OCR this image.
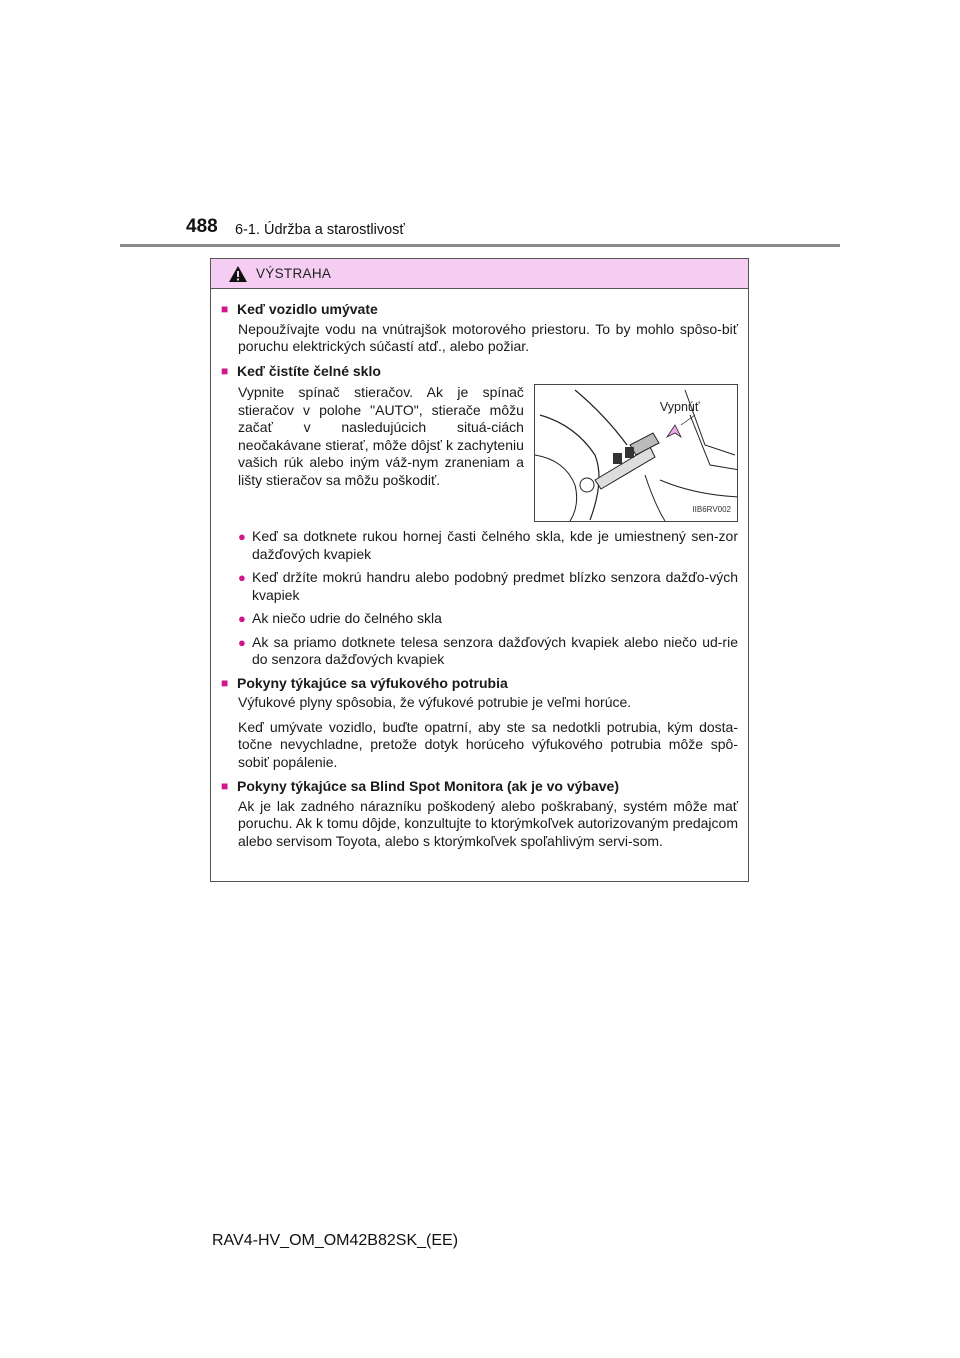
488 6-1. Údržba a starostlivosť
VÝSTRAHA
■ Keď vozidlo umývate
Nepoužívajte vodu na vnútrajšok motorového priestoru. To by mohlo spôso-biť poruchu elektrických súčastí atď., alebo požiar.
■ Keď čistíte čelné sklo
Vypnite spínač stieračov. Ak je spínač stieračov v polohe "AUTO", stierače môžu začať v nasledujúcich situá-ciách neočakávane stierať, môže dôjsť k zachyteniu vašich rúk alebo iným váž-nym zraneniam a lišty stieračov sa môžu poškodiť.
Vypnúť
IIB6RV002
● Keď sa dotknete rukou hornej časti čelného skla, kde je umiestnený sen-zor dažďových kvapiek
● Keď držíte mokrú handru alebo podobný predmet blízko senzora dažďo-vých kvapiek
● Ak niečo udrie do čelného skla
● Ak sa priamo dotknete telesa senzora dažďových kvapiek alebo niečo ud-rie do senzora dažďových kvapiek
■ Pokyny týkajúce sa výfukového potrubia
Výfukové plyny spôsobia, že výfukové potrubie je veľmi horúce.
Keď umývate vozidlo, buďte opatrní, aby ste sa nedotkli potrubia, kým dosta-točne nevychladne, pretože dotyk horúceho výfukového potrubia môže spô-sobiť popálenie.
■ Pokyny týkajúce sa Blind Spot Monitora (ak je vo výbave)
Ak je lak zadného nárazníku poškodený alebo poškrabaný, systém môže mať poruchu. Ak k tomu dôjde, konzultujte to ktorýmkoľvek autorizovaným predajcom alebo servisom Toyota, alebo s ktorýmkoľvek spoľahlivým servi-som.
RAV4-HV_OM_OM42B82SK_(EE)
